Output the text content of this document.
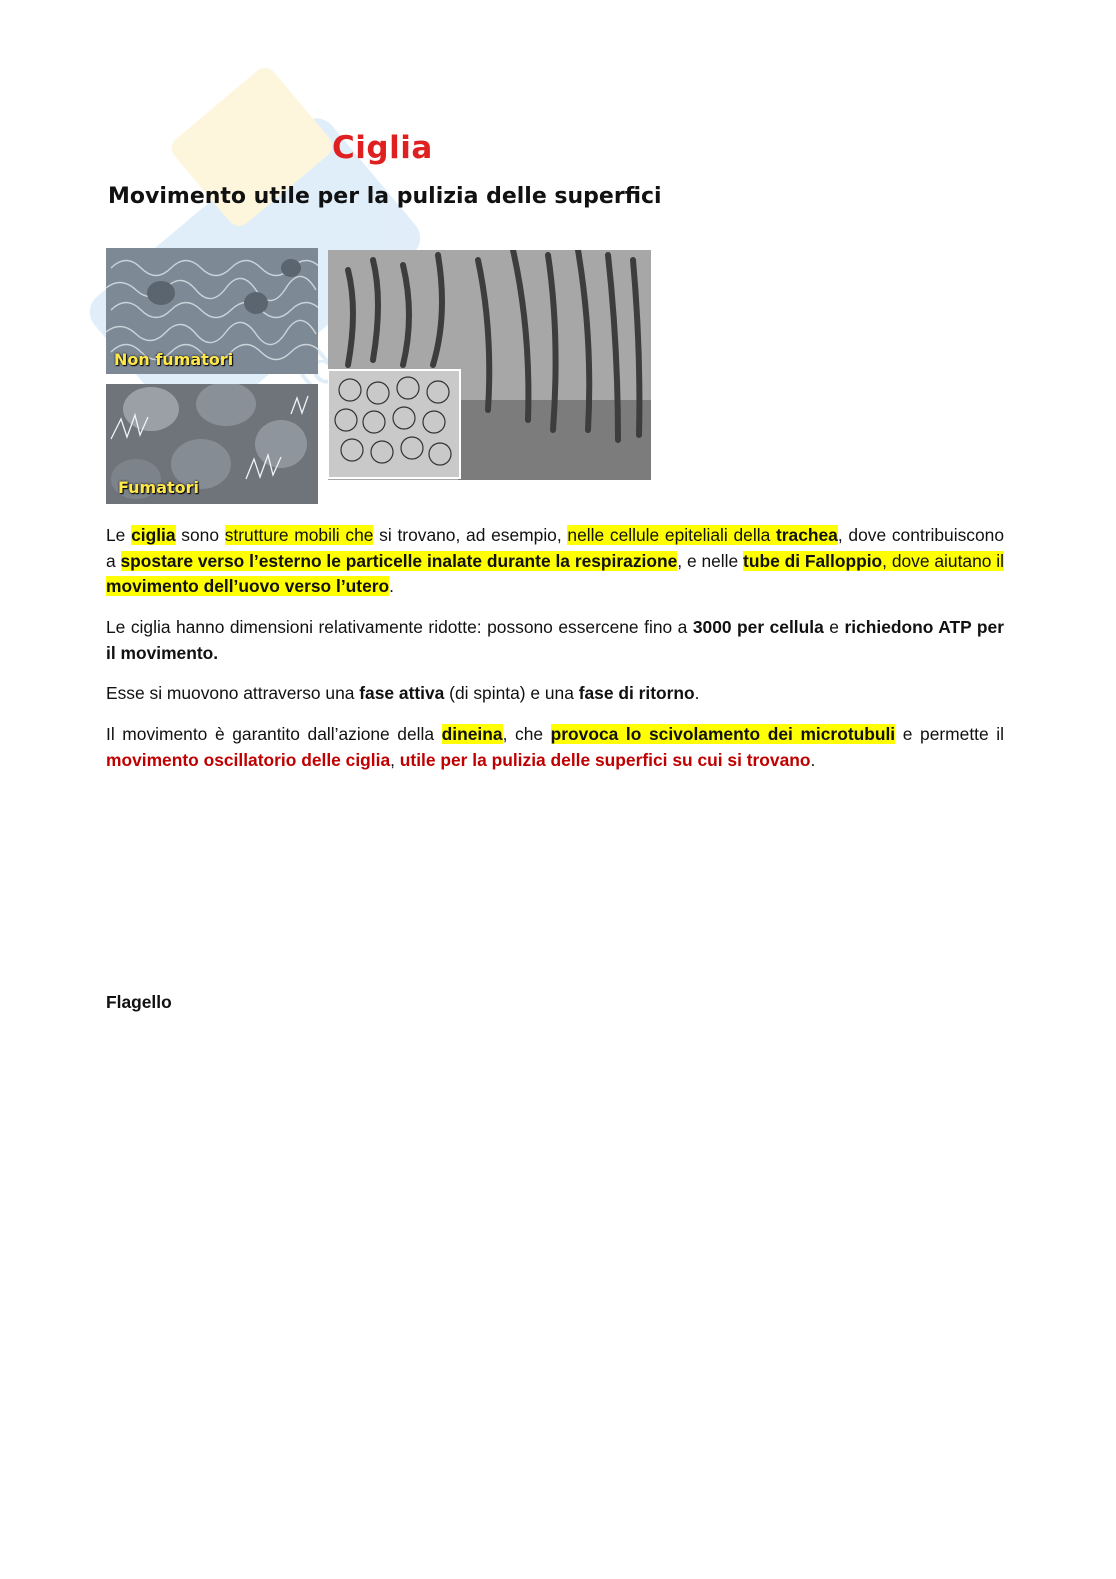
Ciglia
Movimento utile per la pulizia delle superfici
Non fumatori
Fumatori
Le ciglia sono strutture mobili che si trovano, ad esempio, nelle cellule epiteliali della trachea, dove contribuiscono a spostare verso l’esterno le particelle inalate durante la respirazione, e nelle tube di Falloppio, dove aiutano il movimento dell’uovo verso l’utero.
Le ciglia hanno dimensioni relativamente ridotte: possono essercene fino a 3000 per cellula e richiedono ATP per il movimento.
Esse si muovono attraverso una fase attiva (di spinta) e una fase di ritorno.
Il movimento è garantito dall’azione della dineina, che provoca lo scivolamento dei microtubuli e permette il movimento oscillatorio delle ciglia, utile per la pulizia delle superfici su cui si trovano.
Flagello
